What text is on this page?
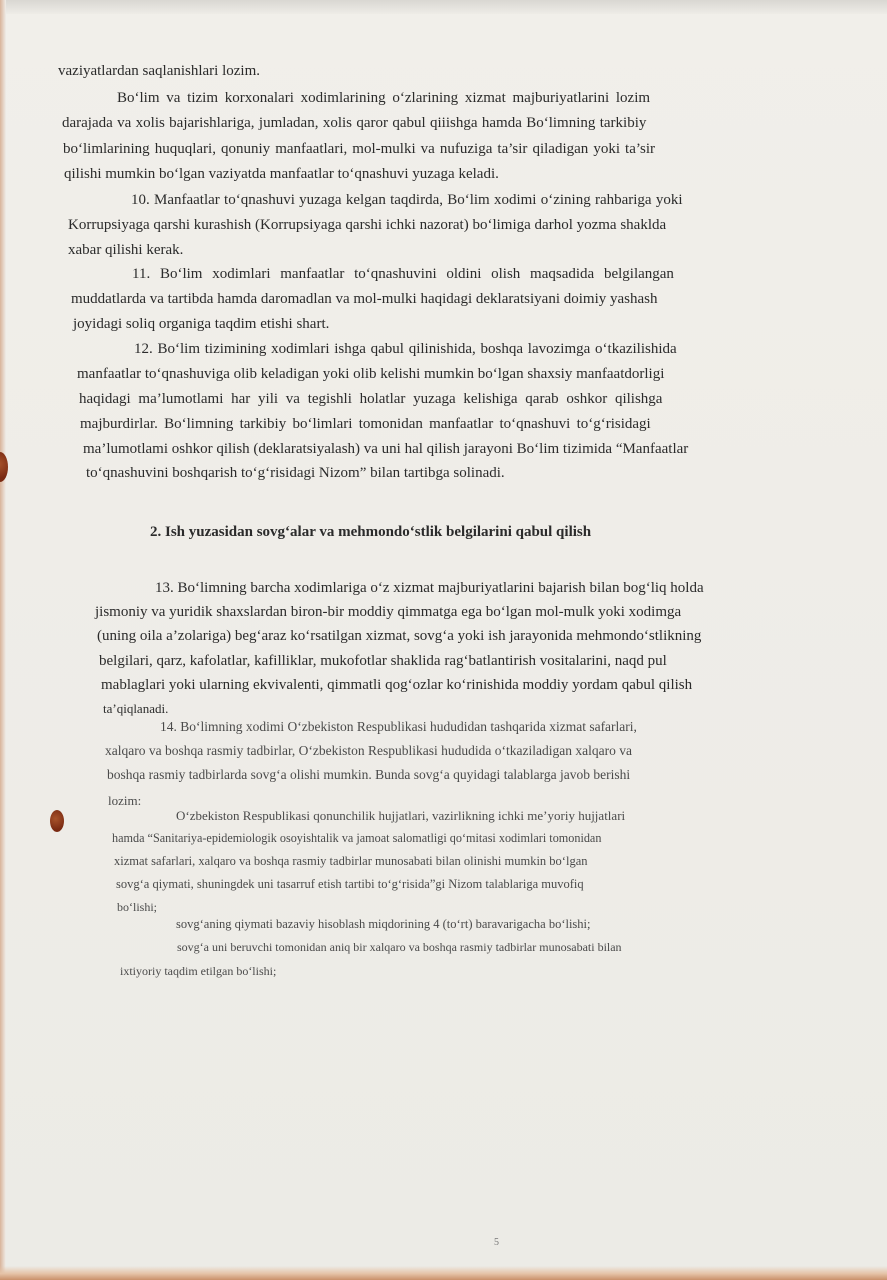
vaziyatlardan saqlanishlari lozim.
Bo‘lim va tizim korxonalari xodimlarining o‘zlarining xizmat majburiyatlarini lozim
darajada va xolis bajarishlariga, jumladan, xolis qaror qabul qiiishga hamda Bo‘limning tarkibiy
bo‘limlarining huquqlari, qonuniy manfaatlari, mol-mulki va nufuziga ta’sir qiladigan yoki ta’sir
qilishi mumkin bo‘lgan vaziyatda manfaatlar to‘qnashuvi yuzaga keladi.
10. Manfaatlar to‘qnashuvi yuzaga kelgan taqdirda, Bo‘lim xodimi o‘zining rahbariga yoki
Korrupsiyaga qarshi kurashish (Korrupsiyaga qarshi ichki nazorat) bo‘limiga darhol yozma shaklda
xabar qilishi kerak.
11. Bo‘lim xodimlari manfaatlar to‘qnashuvini oldini olish maqsadida belgilangan
muddatlarda va tartibda hamda daromadlan va mol-mulki haqidagi deklaratsiyani doimiy yashash
joyidagi soliq organiga taqdim etishi shart.
12. Bo‘lim tizimining xodimlari ishga qabul qilinishida, boshqa lavozimga o‘tkazilishida
manfaatlar to‘qnashuviga olib keladigan yoki olib kelishi mumkin bo‘lgan shaxsiy manfaatdorligi
haqidagi ma’lumotlami har yili va tegishli holatlar yuzaga kelishiga qarab oshkor qilishga
majburdirlar. Bo‘limning tarkibiy bo‘limlari tomonidan manfaatlar to‘qnashuvi to‘g‘risidagi
ma’lumotlami oshkor qilish (deklaratsiyalash) va uni hal qilish jarayoni Bo‘lim tizimida “Manfaatlar
to‘qnashuvini boshqarish to‘g‘risidagi Nizom” bilan tartibga solinadi.
2. Ish yuzasidan sovg‘alar va mehmondo‘stlik belgilarini qabul qilish
13. Bo‘limning barcha xodimlariga o‘z xizmat majburiyatlarini bajarish bilan bog‘liq holda
jismoniy va yuridik shaxslardan biron-bir moddiy qimmatga ega bo‘lgan mol-mulk yoki xodimga
(uning oila a’zolariga) beg‘araz ko‘rsatilgan xizmat, sovg‘a yoki ish jarayonida mehmondo‘stlikning
belgilari, qarz, kafolatlar, kafilliklar, mukofotlar shaklida rag‘batlantirish vositalarini, naqd pul
mablaglari yoki ularning ekvivalenti, qimmatli qog‘ozlar ko‘rinishida moddiy yordam qabul qilish
ta’qiqlanadi.
14. Bo‘limning xodimi O‘zbekiston Respublikasi hududidan tashqarida xizmat safarlari,
xalqaro va boshqa rasmiy tadbirlar, O‘zbekiston Respublikasi hududida o‘tkaziladigan xalqaro va
boshqa rasmiy tadbirlarda sovg‘a olishi mumkin. Bunda sovg‘a quyidagi talablarga javob berishi
lozim:
O‘zbekiston Respublikasi qonunchilik hujjatlari, vazirlikning ichki me’yoriy hujjatlari
hamda “Sanitariya-epidemiologik osoyishtalik va jamoat salomatligi qo‘mitasi xodimlari tomonidan
xizmat safarlari, xalqaro va boshqa rasmiy tadbirlar munosabati bilan olinishi mumkin bo‘lgan
sovg‘a qiymati, shuningdek uni tasarruf etish tartibi to‘g‘risida”gi Nizom talablariga muvofiq
bo‘lishi;
sovg‘aning qiymati bazaviy hisoblash miqdorining 4 (to‘rt) baravarigacha bo‘lishi;
sovg‘a uni beruvchi tomonidan aniq bir xalqaro va boshqa rasmiy tadbirlar munosabati bilan
ixtiyoriy taqdim etilgan bo‘lishi;
5
